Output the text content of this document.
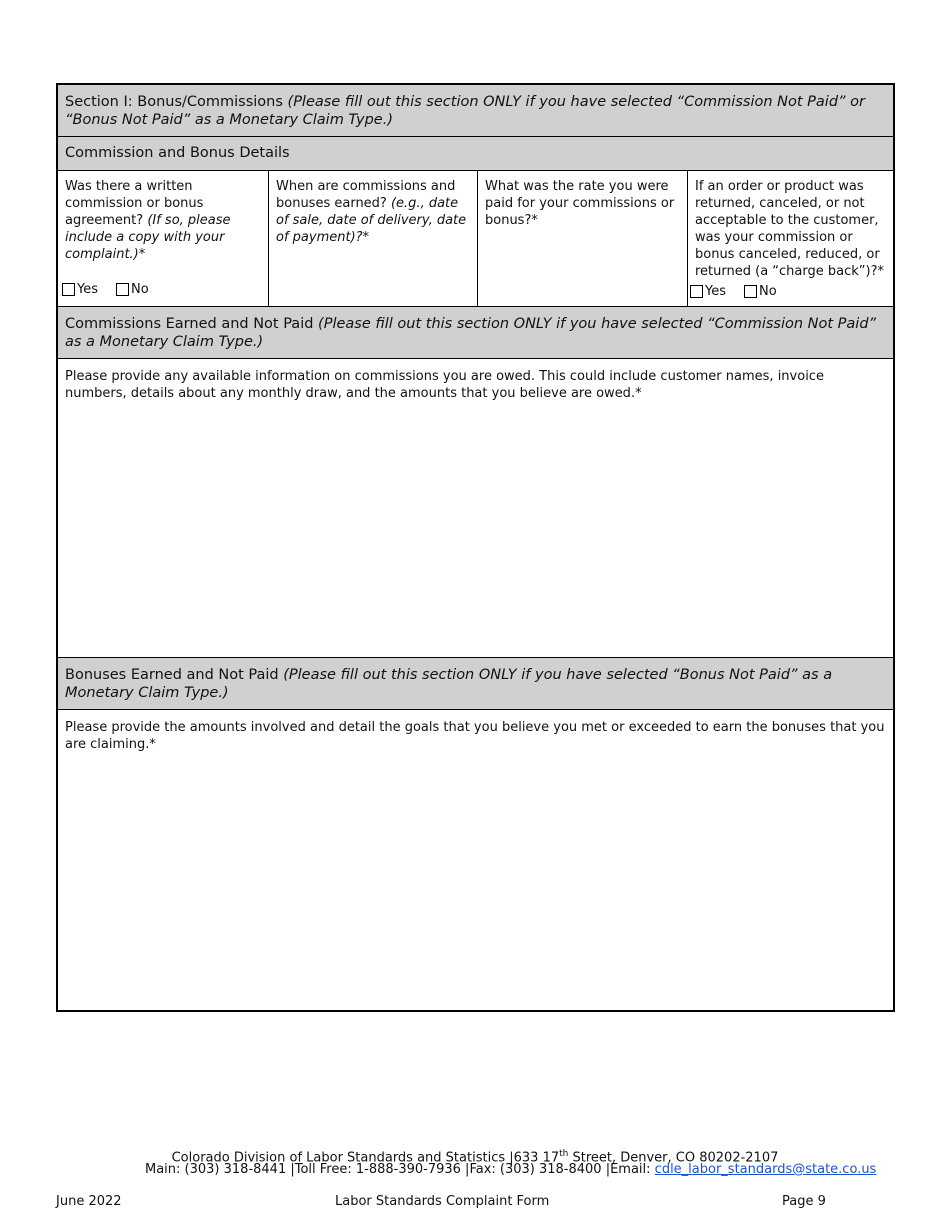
Section I: Bonus/Commissions (Please fill out this section ONLY if you have selected “Commission Not Paid” or “Bonus Not Paid” as a Monetary Claim Type.)
Commission and Bonus Details
Was there a written commission or bonus agreement? (If so, please include a copy with your complaint.)*
Yes	No
When are commissions and bonuses earned? (e.g., date of sale, date of delivery, date of payment)?*
What was the rate you were paid for your commissions or bonus?*
If an order or product was returned, canceled, or not acceptable to the customer, was your commission or bonus canceled, reduced, or returned (a “charge back”)?*
Yes	No
Commissions Earned and Not Paid (Please fill out this section ONLY if you have selected “Commission Not Paid” as a Monetary Claim Type.)
Please provide any available information on commissions you are owed. This could include customer names, invoice numbers, details about any monthly draw, and the amounts that you believe are owed.*
Bonuses Earned and Not Paid (Please fill out this section ONLY if you have selected “Bonus Not Paid” as a Monetary Claim Type.)
Please provide the amounts involved and detail the goals that you believe you met or exceeded to earn the bonuses that you are claiming.*
Colorado Division of Labor Standards and Statistics |633 17th Street, Denver, CO 80202-2107
Main: (303) 318-8441 |Toll Free: 1-888-390-7936 |Fax: (303) 318-8400 |Email: cdle_labor_standards@state.co.us
June 2022	Labor Standards Complaint Form	Page 9
